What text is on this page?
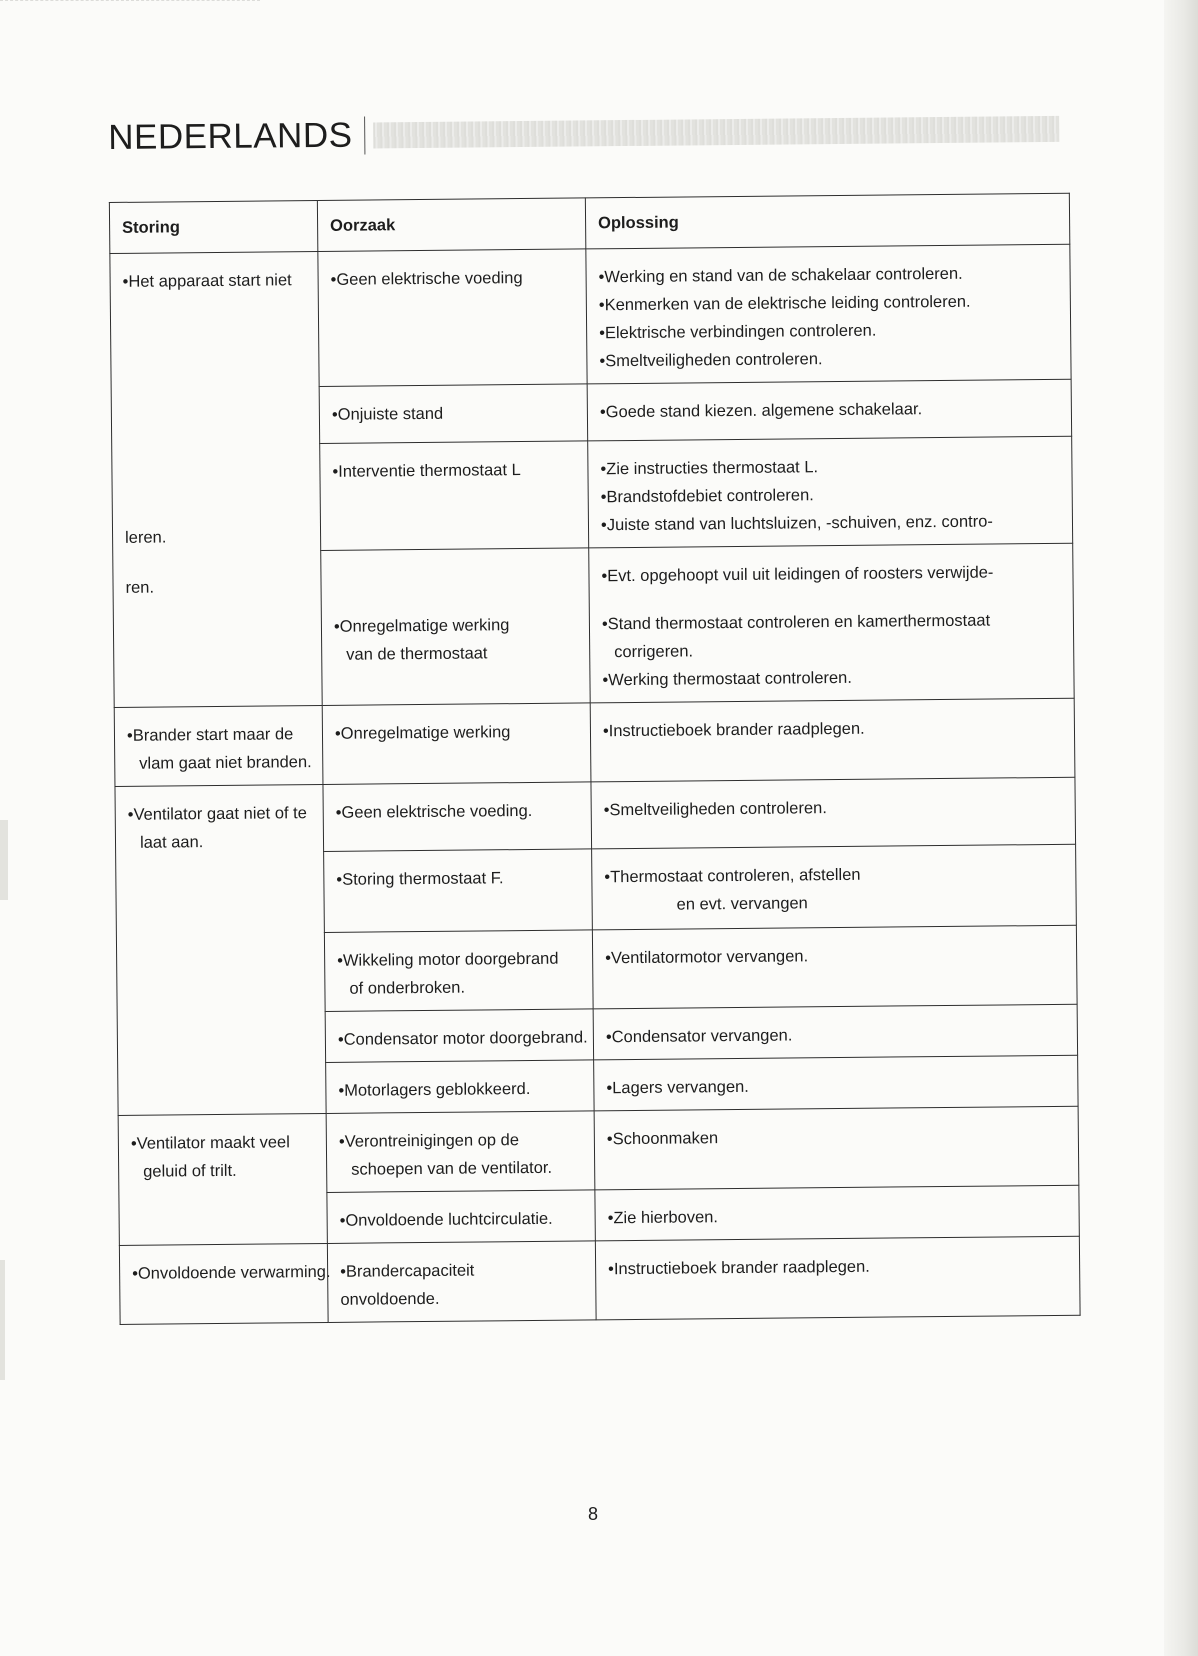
NEDERLANDS
Storing	Oorzaak	Oplossing

•Het apparaat start niet
leren.
ren.	•Geen elektrische voeding	•Werking en stand van de schakelaar controleren.
•Kenmerken van de elektrische leiding controleren.
•Elektrische verbindingen controleren.
•Smeltveiligheden controleren.

	•Onjuiste stand	•Goede stand kiezen. algemene schakelaar.

	•Interventie thermostaat L	•Zie instructies thermostaat L.
•Brandstofdebiet controleren.
•Juiste stand van luchtsluizen, -schuiven, enz. contro-

	•Onregelmatige werking
van de thermostaat	•Evt. opgehoopt vuil uit leidingen of roosters verwijde-
•Stand thermostaat controleren en kamerthermostaat
corrigeren.
•Werking thermostaat controleren.

•Brander start maar de
vlam gaat niet branden.	•Onregelmatige werking	•Instructieboek brander raadplegen.

•Ventilator gaat niet of te
laat aan.	•Geen elektrische voeding.	•Smeltveiligheden controleren.

	•Storing thermostaat F.	•Thermostaat controleren, afstellen
en evt. vervangen

	•Wikkeling motor doorgebrand
of onderbroken.	•Ventilatormotor vervangen.

	•Condensator motor doorgebrand.	•Condensator vervangen.

	•Motorlagers geblokkeerd.	•Lagers vervangen.

•Ventilator maakt veel
geluid of trilt.	•Verontreinigingen op de
schoepen van de ventilator.	•Schoonmaken

	•Onvoldoende luchtcirculatie.	•Zie hierboven.

•Onvoldoende verwarming.	•Brandercapaciteit
onvoldoende.	•Instructieboek brander raadplegen.
8
